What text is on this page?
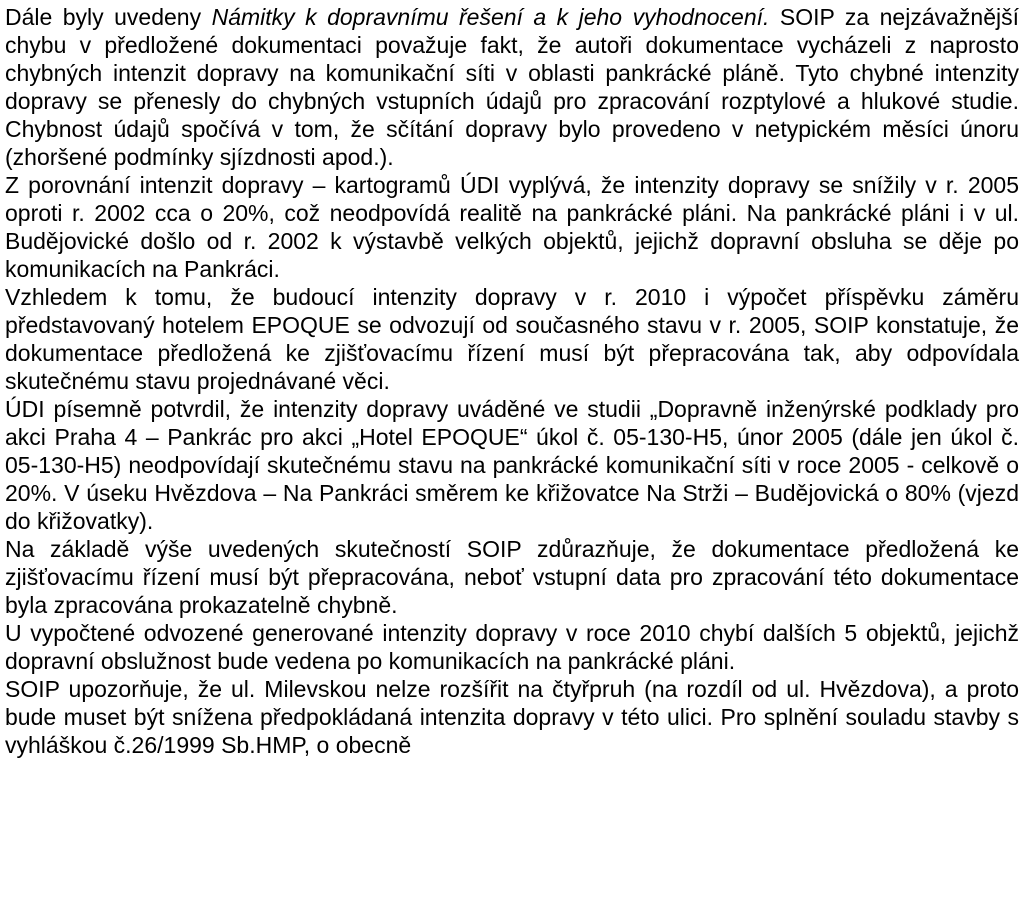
Dále byly uvedeny Námitky k dopravnímu řešení a k jeho vyhodnocení. SOIP za nejzávažnější chybu v předložené dokumentaci považuje fakt, že autoři dokumentace vycházeli z naprosto chybných intenzit dopravy na komunikační síti v oblasti pankrácké pláně. Tyto chybné intenzity dopravy se přenesly do chybných vstupních údajů pro zpracování rozptylové a hlukové studie. Chybnost údajů spočívá v tom, že sčítání dopravy bylo provedeno v netypickém měsíci únoru (zhoršené podmínky sjízdnosti apod.).

Z porovnání intenzit dopravy – kartogramů ÚDI vyplývá, že intenzity dopravy se snížily v r. 2005 oproti r. 2002 cca o 20%, což neodpovídá realitě na pankrácké pláni. Na pankrácké pláni i v ul. Budějovické došlo od r. 2002 k výstavbě velkých objektů, jejichž dopravní obsluha se děje po komunikacích na Pankráci.

Vzhledem k tomu, že budoucí intenzity dopravy v r. 2010 i výpočet příspěvku záměru představovaný hotelem EPOQUE se odvozují od současného stavu v r. 2005, SOIP konstatuje, že dokumentace předložená ke zjišťovacímu řízení musí být přepracována tak, aby odpovídala skutečnému stavu projednávané věci.

ÚDI písemně potvrdil, že intenzity dopravy uváděné ve studii „Dopravně inženýrské podklady pro akci Praha 4 – Pankrác pro akci „Hotel EPOQUE“ úkol č. 05-130-H5, únor 2005 (dále jen úkol č. 05-130-H5) neodpovídají skutečnému stavu na pankrácké komunikační síti v roce 2005 - celkově o 20%. V úseku Hvězdova – Na Pankráci směrem ke křižovatce Na Strži – Budějovická o 80% (vjezd do křižovatky).

Na základě výše uvedených skutečností SOIP zdůrazňuje, že dokumentace předložená ke zjišťovacímu řízení musí být přepracována, neboť vstupní data pro zpracování této dokumentace byla zpracována prokazatelně chybně.

U vypočtené odvozené generované intenzity dopravy v roce 2010 chybí dalších 5 objektů, jejichž dopravní obslužnost bude vedena po komunikacích na pankrácké pláni.

SOIP upozorňuje, že ul. Milevskou nelze rozšířit na čtyřpruh (na rozdíl od ul. Hvězdova), a proto bude muset být snížena předpokládaná intenzita dopravy v této ulici. Pro splnění souladu stavby s vyhláškou č.26/1999 Sb.HMP, o obecně
